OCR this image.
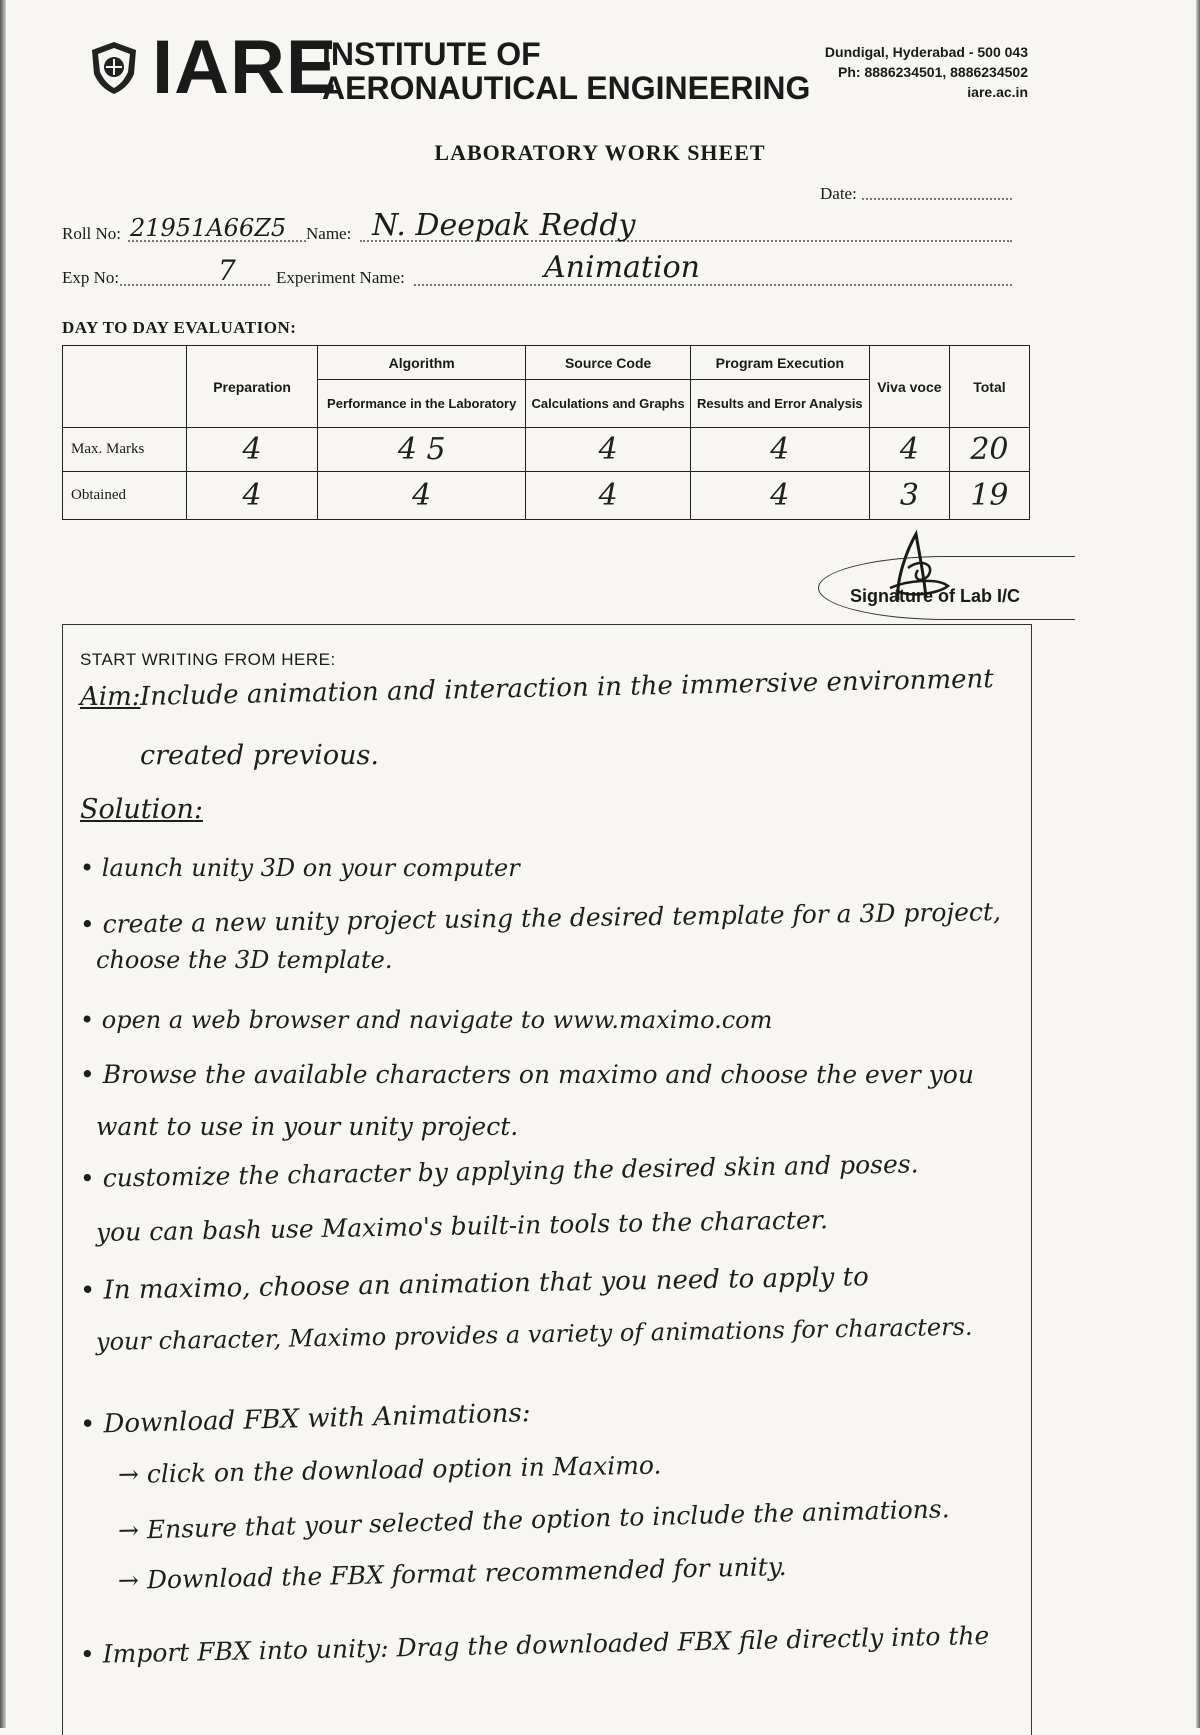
IARE
INSTITUTE OF
AERONAUTICAL ENGINEERING
Dundigal, Hyderabad - 500 043
Ph: 8886234501, 8886234502
iare.ac.in
LABORATORY WORK SHEET
Date:
Roll No: 21951A66Z5 Name: N. Deepak Reddy
Exp No:	7 Experiment Name:	Animation
DAY TO DAY EVALUATION:
	Preparation	Algorithm	Source Code	Program Execution	Viva voce	Total
		Performance in the Laboratory	Calculations and Graphs	Results and Error Analysis		
Max. Marks	4	4 5	4	4	4	20
Obtained	4	4	4	4	3	19
Signature of Lab I/C
START WRITING FROM HERE:
Aim: Include animation and interaction in the immersive environment
created previous.
Solution:
• launch unity 3D on your computer
• create a new unity project using the desired template for a 3D project,
choose the 3D template.
• open a web browser and navigate to www.maximo.com
• Browse the available characters on maximo and choose the ever you
want to use in your unity project.
• customize the character by applying the desired skin and poses.
you can bash use Maximo's built-in tools to the character.
• In maximo, choose an animation that you need to apply to
your character, Maximo provides a variety of animations for characters.
• Download FBX with Animations:
→ click on the download option in Maximo.
→ Ensure that your selected the option to include the animations.
→ Download the FBX format recommended for unity.
• Import FBX into unity: Drag the downloaded FBX file directly into the
